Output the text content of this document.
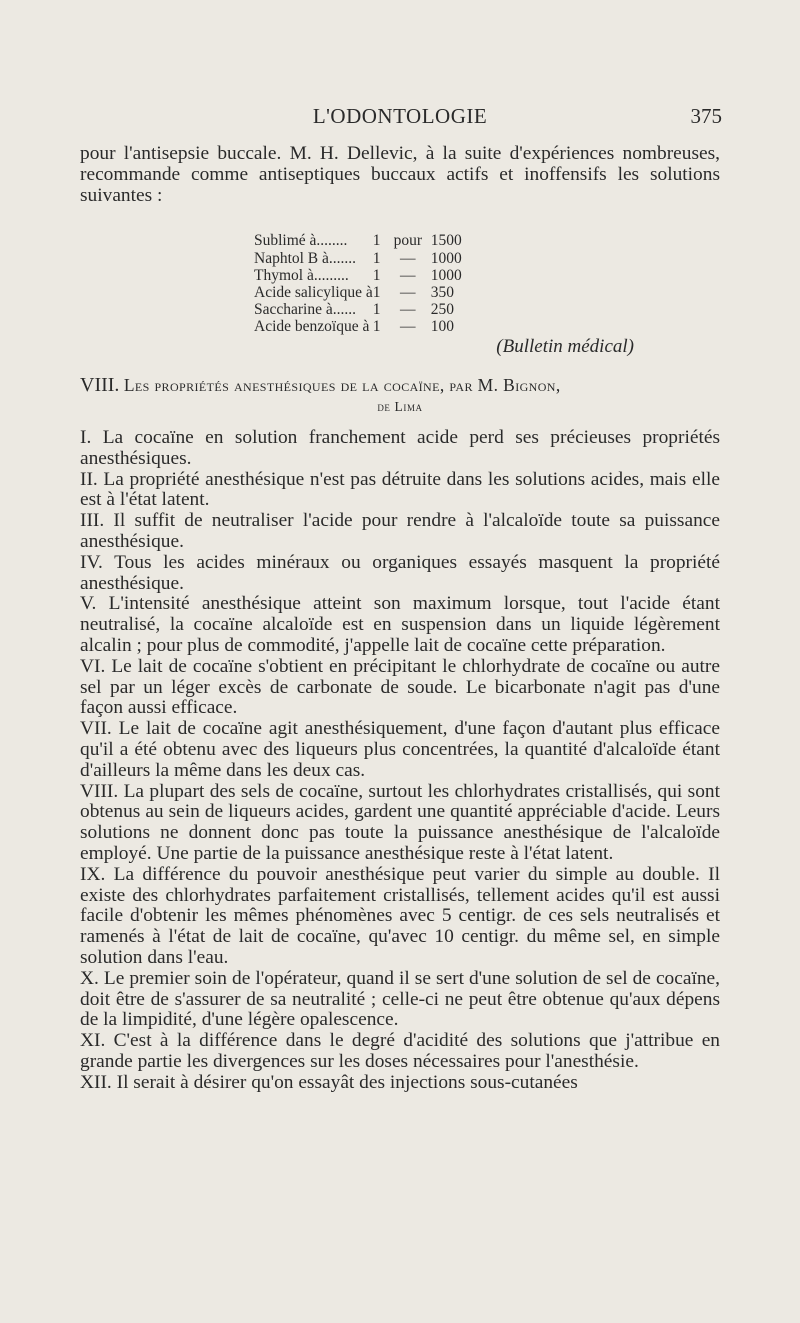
L'ODONTOLOGIE	375

pour l'antisepsie buccale. M. H. Dellevic, à la suite d'expériences nombreuses, recommande comme antiseptiques buccaux actifs et inoffensifs les solutions suivantes :

Sublimé à........	1	pour	1500
Naphtol B à.......	1	—	1000
Thymol à.........	1	—	1000
Acide salicylique à	1	—	350
Saccharine à......	1	—	250
Acide benzoïque à	1	—	100
(Bulletin médical)
VIII. Les propriétés anesthésiques de la cocaïne, par M. Bignon,
de Lima

I. La cocaïne en solution franchement acide perd ses précieuses propriétés anesthésiques.

II. La propriété anesthésique n'est pas détruite dans les solutions acides, mais elle est à l'état latent.

III. Il suffit de neutraliser l'acide pour rendre à l'alcaloïde toute sa puissance anesthésique.

IV. Tous les acides minéraux ou organiques essayés masquent la propriété anesthésique.

V. L'intensité anesthésique atteint son maximum lorsque, tout l'acide étant neutralisé, la cocaïne alcaloïde est en suspension dans un liquide légèrement alcalin ; pour plus de commodité, j'appelle lait de cocaïne cette préparation.

VI. Le lait de cocaïne s'obtient en précipitant le chlorhydrate de cocaïne ou autre sel par un léger excès de carbonate de soude. Le bicarbonate n'agit pas d'une façon aussi efficace.

VII. Le lait de cocaïne agit anesthésiquement, d'une façon d'autant plus efficace qu'il a été obtenu avec des liqueurs plus concentrées, la quantité d'alcaloïde étant d'ailleurs la même dans les deux cas.

VIII. La plupart des sels de cocaïne, surtout les chlorhydrates cristallisés, qui sont obtenus au sein de liqueurs acides, gardent une quantité appréciable d'acide. Leurs solutions ne donnent donc pas toute la puissance anesthésique de l'alcaloïde employé. Une partie de la puissance anesthésique reste à l'état latent.

IX. La différence du pouvoir anesthésique peut varier du simple au double. Il existe des chlorhydrates parfaitement cristallisés, tellement acides qu'il est aussi facile d'obtenir les mêmes phénomènes avec 5 centigr. de ces sels neutralisés et ramenés à l'état de lait de cocaïne, qu'avec 10 centigr. du même sel, en simple solution dans l'eau.

X. Le premier soin de l'opérateur, quand il se sert d'une solution de sel de cocaïne, doit être de s'assurer de sa neutralité ; celle-ci ne peut être obtenue qu'aux dépens de la limpidité, d'une légère opalescence.

XI. C'est à la différence dans le degré d'acidité des solutions que j'attribue en grande partie les divergences sur les doses nécessaires pour l'anesthésie.

XII. Il serait à désirer qu'on essayât des injections sous-cutanées
